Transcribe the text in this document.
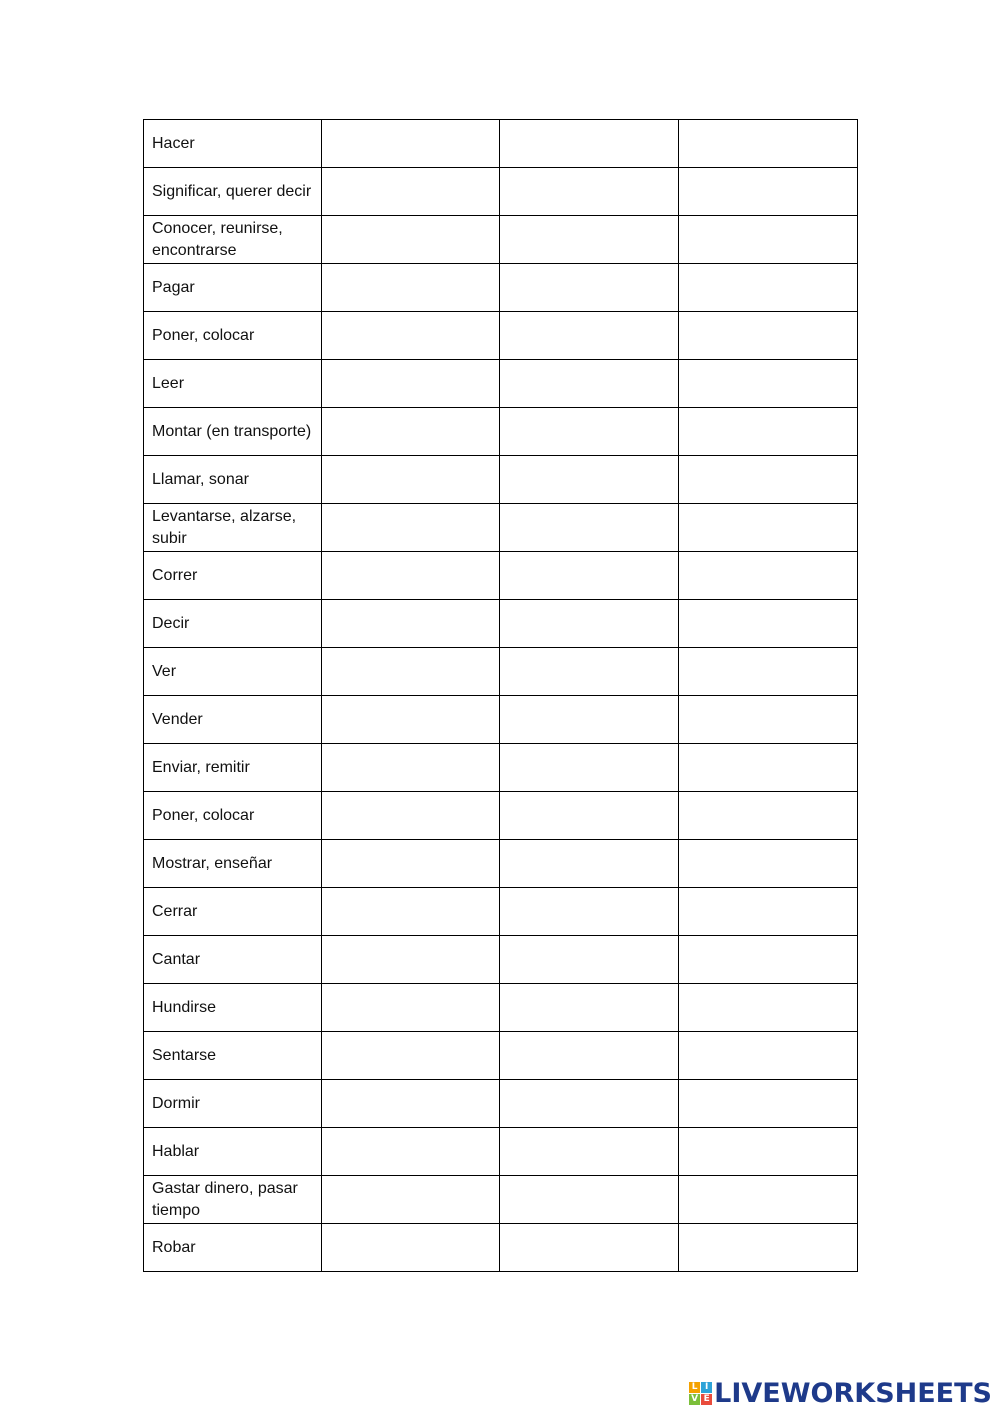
Hacer			
Significar, querer decir			
Conocer, reunirse, encontrarse			
Pagar			
Poner, colocar			
Leer			
Montar (en transporte)			
Llamar, sonar			
Levantarse, alzarse, subir			
Correr			
Decir			
Ver			
Vender			
Enviar, remitir			
Poner, colocar			
Mostrar, enseñar			
Cerrar			
Cantar			
Hundirse			
Sentarse			
Dormir			
Hablar			
Gastar dinero, pasar tiempo			
Robar			
L I
V E LIVEWORKSHEETS
